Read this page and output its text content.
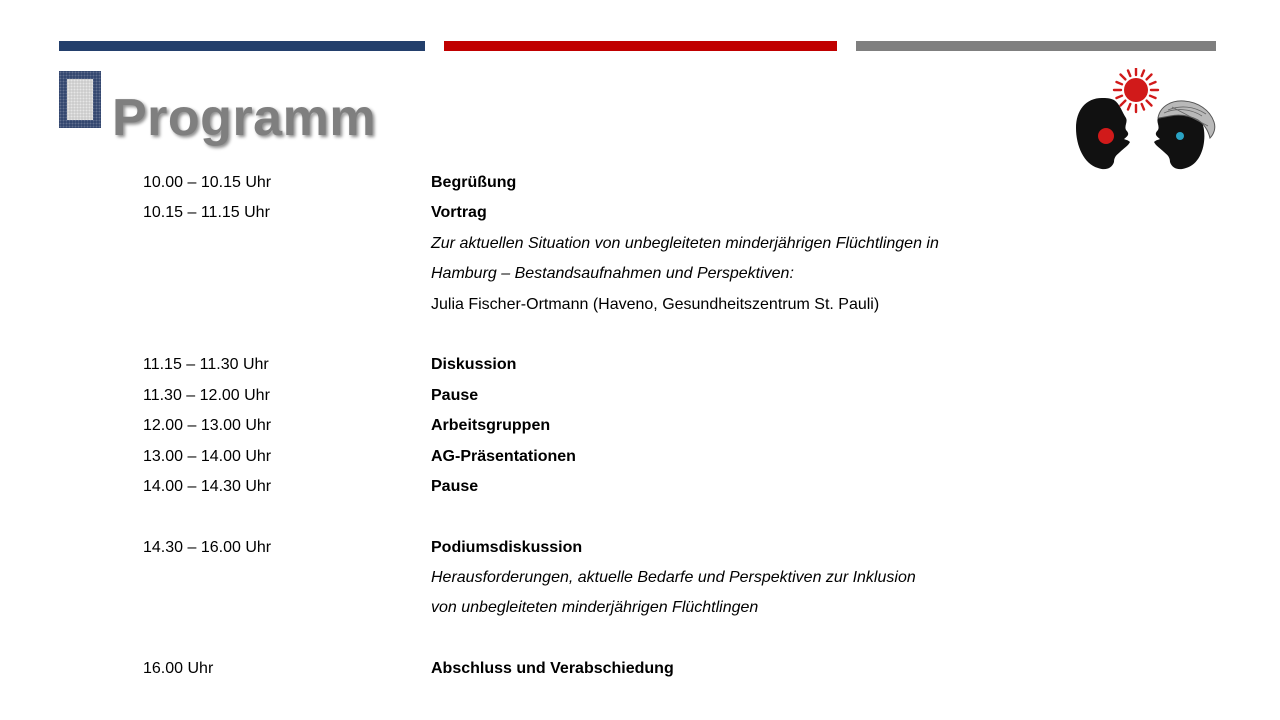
Programm
10.00 – 10.15 Uhr	Begrüßung
10.15 – 11.15 Uhr	Vortrag
Zur aktuellen Situation von unbegleiteten minderjährigen Flüchtlingen in
Hamburg – Bestandsaufnahmen und Perspektiven:
Julia Fischer-Ortmann (Haveno, Gesundheitszentrum St. Pauli)
11.15 – 11.30 Uhr	Diskussion
11.30 – 12.00 Uhr	Pause
12.00 – 13.00 Uhr	Arbeitsgruppen
13.00 – 14.00 Uhr	AG-Präsentationen
14.00 – 14.30 Uhr	Pause
14.30 – 16.00 Uhr	Podiumsdiskussion
Herausforderungen, aktuelle Bedarfe und Perspektiven zur Inklusion
von unbegleiteten minderjährigen Flüchtlingen
16.00 Uhr	Abschluss und Verabschiedung
